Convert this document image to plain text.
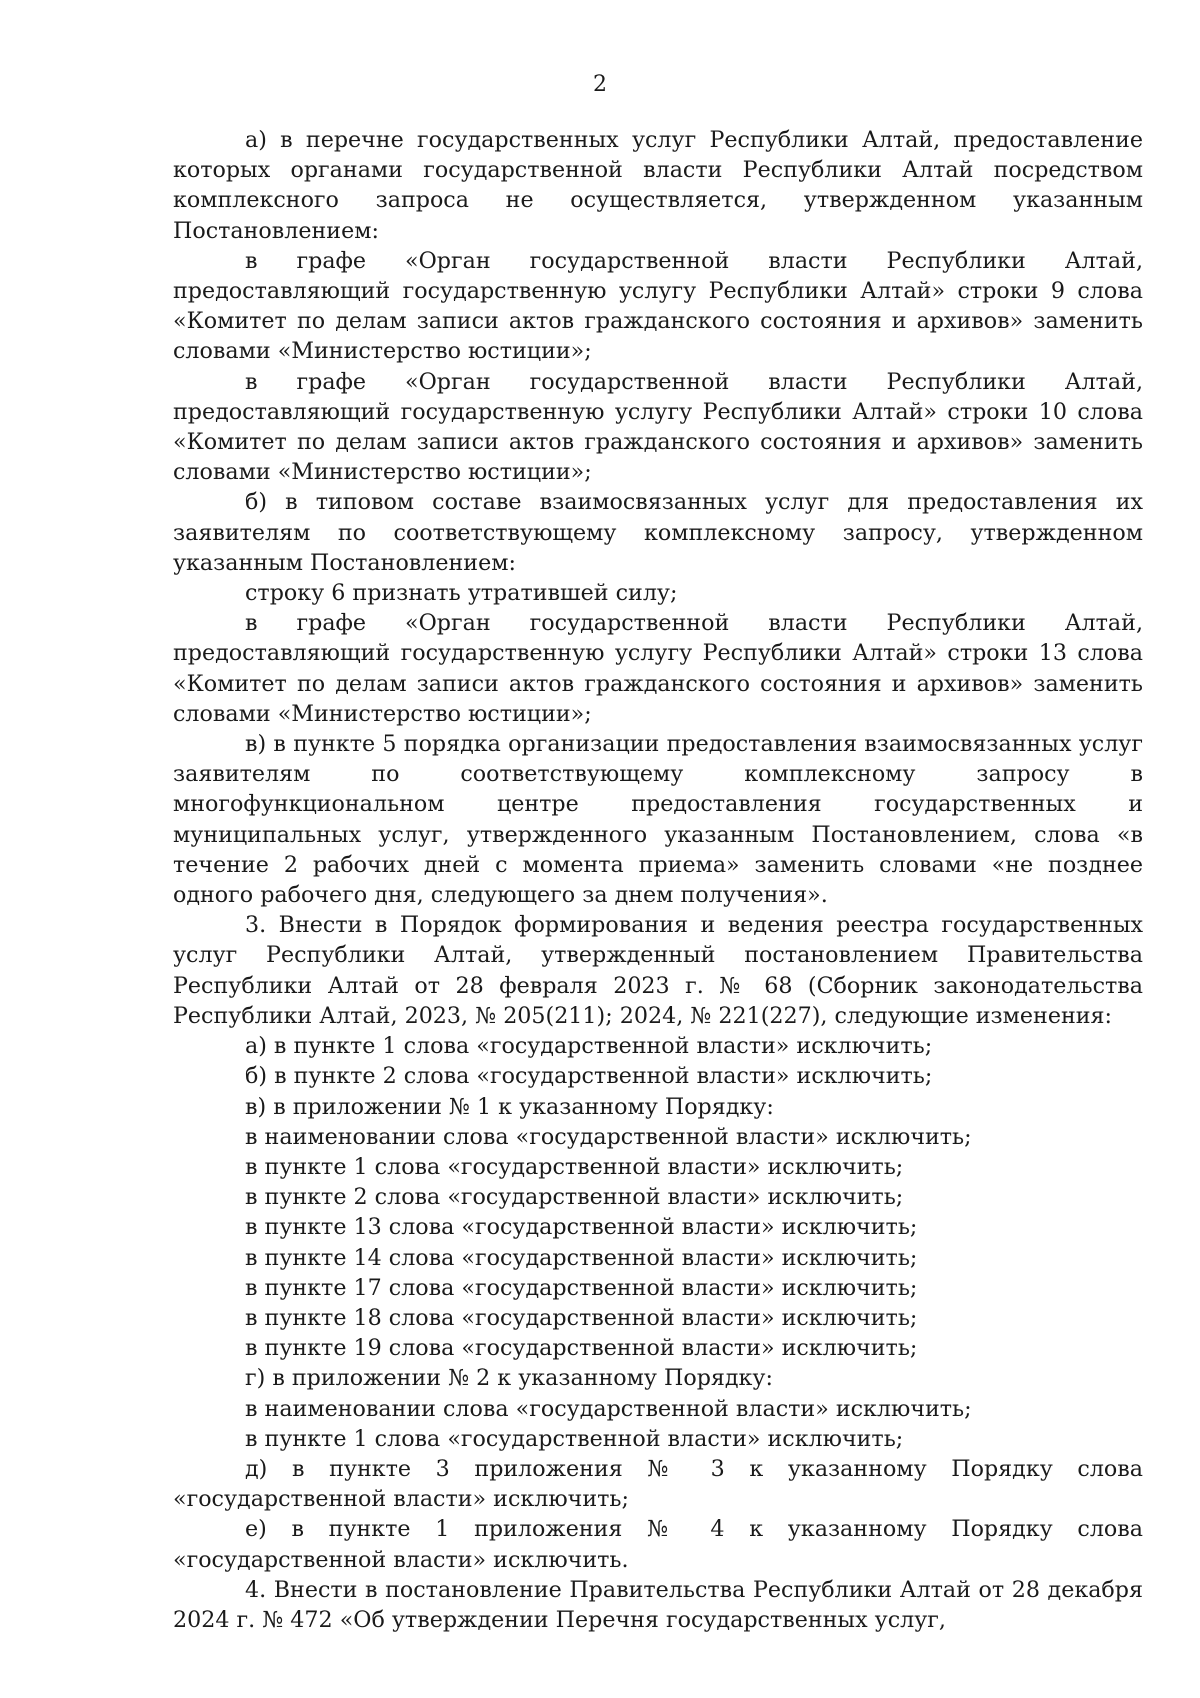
2

а) в перечне государственных услуг Республики Алтай, предоставление которых органами государственной власти Республики Алтай посредством комплексного запроса не осуществляется, утвержденном указанным Постановлением:

в графе «Орган государственной власти Республики Алтай, предоставляющий государственную услугу Республики Алтай» строки 9 слова «Комитет по делам записи актов гражданского состояния и архивов» заменить словами «Министерство юстиции»;

в графе «Орган государственной власти Республики Алтай, предоставляющий государственную услугу Республики Алтай» строки 10 слова «Комитет по делам записи актов гражданского состояния и архивов» заменить словами «Министерство юстиции»;

б) в типовом составе взаимосвязанных услуг для предоставления их заявителям по соответствующему комплексному запросу, утвержденном указанным Постановлением:

строку 6 признать утратившей силу;

в графе «Орган государственной власти Республики Алтай, предоставляющий государственную услугу Республики Алтай» строки 13 слова «Комитет по делам записи актов гражданского состояния и архивов» заменить словами «Министерство юстиции»;

в) в пункте 5 порядка организации предоставления взаимосвязанных услуг заявителям по соответствующему комплексному запросу в многофункциональном центре предоставления государственных и муниципальных услуг, утвержденного указанным Постановлением, слова «в течение 2 рабочих дней с момента приема» заменить словами «не позднее одного рабочего дня, следующего за днем получения».

3. Внести в Порядок формирования и ведения реестра государственных услуг Республики Алтай, утвержденный постановлением Правительства Республики Алтай от 28 февраля 2023 г. № 68 (Сборник законодательства Республики Алтай, 2023, № 205(211); 2024, № 221(227), следующие изменения:

а) в пункте 1 слова «государственной власти» исключить;

б) в пункте 2 слова «государственной власти» исключить;

в) в приложении № 1 к указанному Порядку:

в наименовании слова «государственной власти» исключить;

в пункте 1 слова «государственной власти» исключить;

в пункте 2 слова «государственной власти» исключить;

в пункте 13 слова «государственной власти» исключить;

в пункте 14 слова «государственной власти» исключить;

в пункте 17 слова «государственной власти» исключить;

в пункте 18 слова «государственной власти» исключить;

в пункте 19 слова «государственной власти» исключить;

г) в приложении № 2 к указанному Порядку:

в наименовании слова «государственной власти» исключить;

в пункте 1 слова «государственной власти» исключить;

д) в пункте 3 приложения № 3 к указанному Порядку слова «государственной власти» исключить;

е) в пункте 1 приложения № 4 к указанному Порядку слова «государственной власти» исключить.

4. Внести в постановление Правительства Республики Алтай от 28 декабря 2024 г. № 472 «Об утверждении Перечня государственных услуг,
